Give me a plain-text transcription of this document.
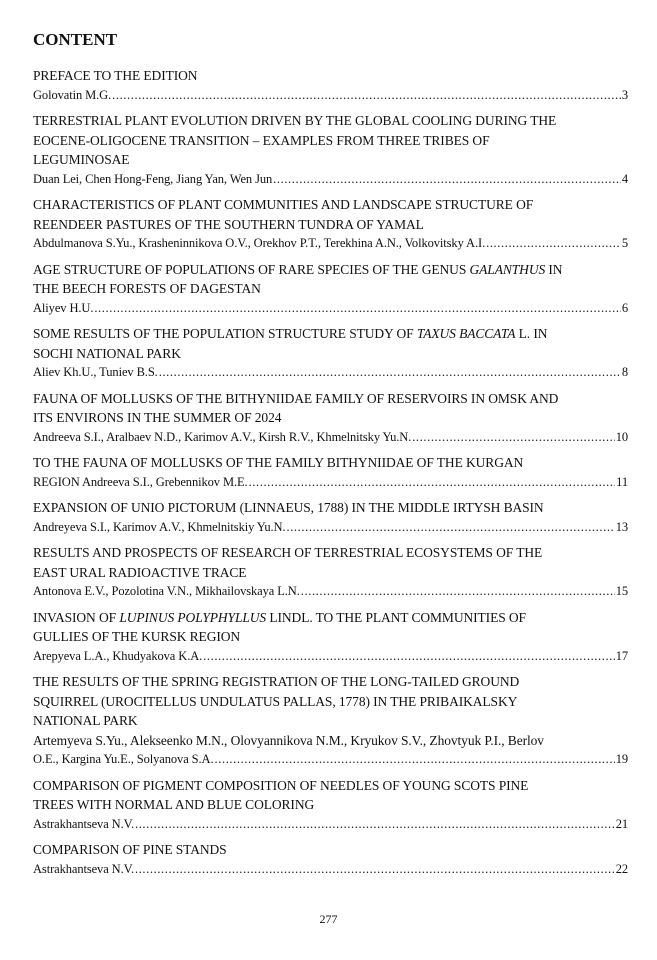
CONTENT
PREFACE TO THE EDITION
Golovatin M.G. .....	3
TERRESTRIAL PLANT EVOLUTION DRIVEN BY THE GLOBAL COOLING DURING THE
EOCENE-OLIGOCENE TRANSITION – EXAMPLES FROM THREE TRIBES OF
LEGUMINOSAE
Duan Lei, Chen Hong-Feng, Jiang Yan, Wen Jun .....	4
CHARACTERISTICS OF PLANT COMMUNITIES AND LANDSCAPE STRUCTURE OF
REENDEER PASTURES OF THE SOUTHERN TUNDRA OF YAMAL
Abdulmanova S.Yu., Krasheninnikova O.V., Orekhov P.T., Terekhina A.N., Volkovitsky A.I. .....	5
AGE STRUCTURE OF POPULATIONS OF RARE SPECIES OF THE GENUS GALANTHUS IN
THE BEECH FORESTS OF DAGESTAN
Aliyev H.U. .....	6
SOME RESULTS OF THE POPULATION STRUCTURE STUDY OF TAXUS BACCATA L. IN
SOCHI NATIONAL PARK
Aliev Kh.U., Tuniev B.S. .....	8
FAUNA OF MOLLUSKS OF THE BITHYNIIDAE FAMILY OF RESERVOIRS IN OMSK AND
ITS ENVIRONS IN THE SUMMER OF 2024
Andreeva S.I., Aralbaev N.D., Karimov A.V., Kirsh R.V., Khmelnitsky Yu.N. .....	10
TO THE FAUNA OF MOLLUSKS OF THE FAMILY BITHYNIIDAE OF THE KURGAN
REGION Andreeva S.I., Grebennikov M.E. .....	11
EXPANSION OF UNIO PICTORUM (LINNAEUS, 1788) IN THE MIDDLE IRTYSH BASIN
Andreyeva S.I., Karimov A.V., Khmelnitskiy Yu.N. .....	13
RESULTS AND PROSPECTS OF RESEARCH OF TERRESTRIAL ECOSYSTEMS OF THE
EAST URAL RADIOACTIVE TRACE
Antonova E.V., Pozolotina V.N., Mikhailovskaya L.N. .....	15
INVASION OF LUPINUS POLYPHYLLUS LINDL. TO THE PLANT COMMUNITIES OF
GULLIES OF THE KURSK REGION
Arepyeva L.A., Khudyakova K.A. .....	17
THE RESULTS OF THE SPRING REGISTRATION OF THE LONG-TAILED GROUND
SQUIRREL (UROCITELLUS UNDULATUS PALLAS, 1778) IN THE PRIBAIKALSKY
NATIONAL PARK
Artemyeva S.Yu., Alekseenko M.N., Olovyannikova N.M., Kryukov S.V., Zhovtyuk P.I., Berlov
O.E., Kargina Yu.E., Solyanova S.A. .....	19
COMPARISON OF PIGMENT COMPOSITION OF NEEDLES OF YOUNG SCOTS PINE
TREES WITH NORMAL AND BLUE COLORING
Astrakhantseva N.V. .....	21
COMPARISON OF PINE STANDS
Astrakhantseva N.V. .....	22
277
